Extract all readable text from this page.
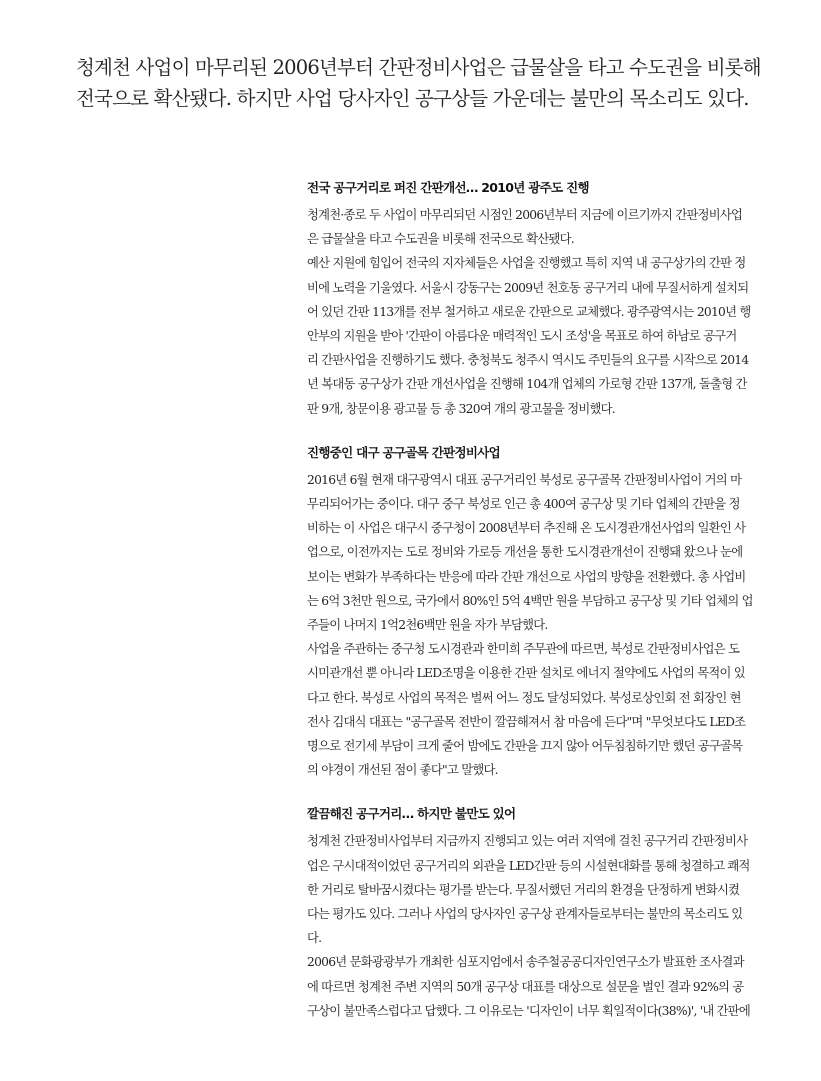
청계천 사업이 마무리된 2006년부터 간판정비사업은 급물살을 타고 수도권을 비롯해

전국으로 확산됐다. 하지만 사업 당사자인 공구상들 가운데는 불만의 목소리도 있다.

전국 공구거리로 퍼진 간판개선… 2010년 광주도 진행

청계천·종로 두 사업이 마무리되던 시점인 2006년부터 지금에 이르기까지 간판정비사업
은 급물살을 타고 수도권을 비롯해 전국으로 확산됐다.

예산 지원에 힘입어 전국의 지자체들은 사업을 진행했고 특히 지역 내 공구상가의 간판 정
비에 노력을 기울였다. 서울시 강동구는 2009년 천호동 공구거리 내에 무질서하게 설치되
어 있던 간판 113개를 전부 철거하고 새로운 간판으로 교체했다. 광주광역시는 2010년 행
안부의 지원을 받아 '간판이 아름다운 매력적인 도시 조성'을 목표로 하여 하남로 공구거
리 간판사업을 진행하기도 했다. 충청북도 청주시 역시도 주민들의 요구를 시작으로 2014
년 복대동 공구상가 간판 개선사업을 진행해 104개 업체의 가로형 간판 137개, 돌출형 간
판 9개, 창문이용 광고물 등 총 320여 개의 광고물을 정비했다.

진행중인 대구 공구골목 간판정비사업

2016년 6월 현재 대구광역시 대표 공구거리인 북성로 공구골목 간판정비사업이 거의 마
무리되어가는 중이다. 대구 중구 북성로 인근 총 400여 공구상 및 기타 업체의 간판을 정
비하는 이 사업은 대구시 중구청이 2008년부터 추진해 온 도시경관개선사업의 일환인 사
업으로, 이전까지는 도로 정비와 가로등 개선을 통한 도시경관개선이 진행돼 왔으나 눈에
보이는 변화가 부족하다는 반응에 따라 간판 개선으로 사업의 방향을 전환했다. 총 사업비
는 6억 3천만 원으로, 국가에서 80%인 5억 4백만 원을 부담하고 공구상 및 기타 업체의 업
주들이 나머지 1억2천6백만 원을 자가 부담했다.

사업을 주관하는 중구청 도시경관과 한미희 주무관에 따르면, 북성로 간판정비사업은 도
시미관개선 뿐 아니라 LED조명을 이용한 간판 설치로 에너지 절약에도 사업의 목적이 있
다고 한다. 북성로 사업의 목적은 벌써 어느 정도 달성되었다. 북성로상인회 전 회장인 현
전사 김대식 대표는 "공구골목 전반이 깔끔해져서 참 마음에 든다"며 "무엇보다도 LED조
명으로 전기세 부담이 크게 줄어 밤에도 간판을 끄지 않아 어두침침하기만 했던 공구골목
의 야경이 개선된 점이 좋다"고 말했다.

깔끔해진 공구거리… 하지만 불만도 있어

청계천 간판정비사업부터 지금까지 진행되고 있는 여러 지역에 걸친 공구거리 간판정비사
업은 구시대적이었던 공구거리의 외관을 LED간판 등의 시설현대화를 통해 청결하고 쾌적
한 거리로 탈바꿈시켰다는 평가를 받는다. 무질서했던 거리의 환경을 단정하게 변화시켰
다는 평가도 있다. 그러나 사업의 당사자인 공구상 관계자들로부터는 불만의 목소리도 있
다.

2006년 문화광광부가 개최한 심포지엄에서 송주철공공디자인연구소가 발표한 조사결과
에 따르면 청계천 주변 지역의 50개 공구상 대표를 대상으로 설문을 벌인 결과 92%의 공
구상이 불만족스럽다고 답했다. 그 이유로는 '디자인이 너무 획일적이다(38%)', '내 간판에
